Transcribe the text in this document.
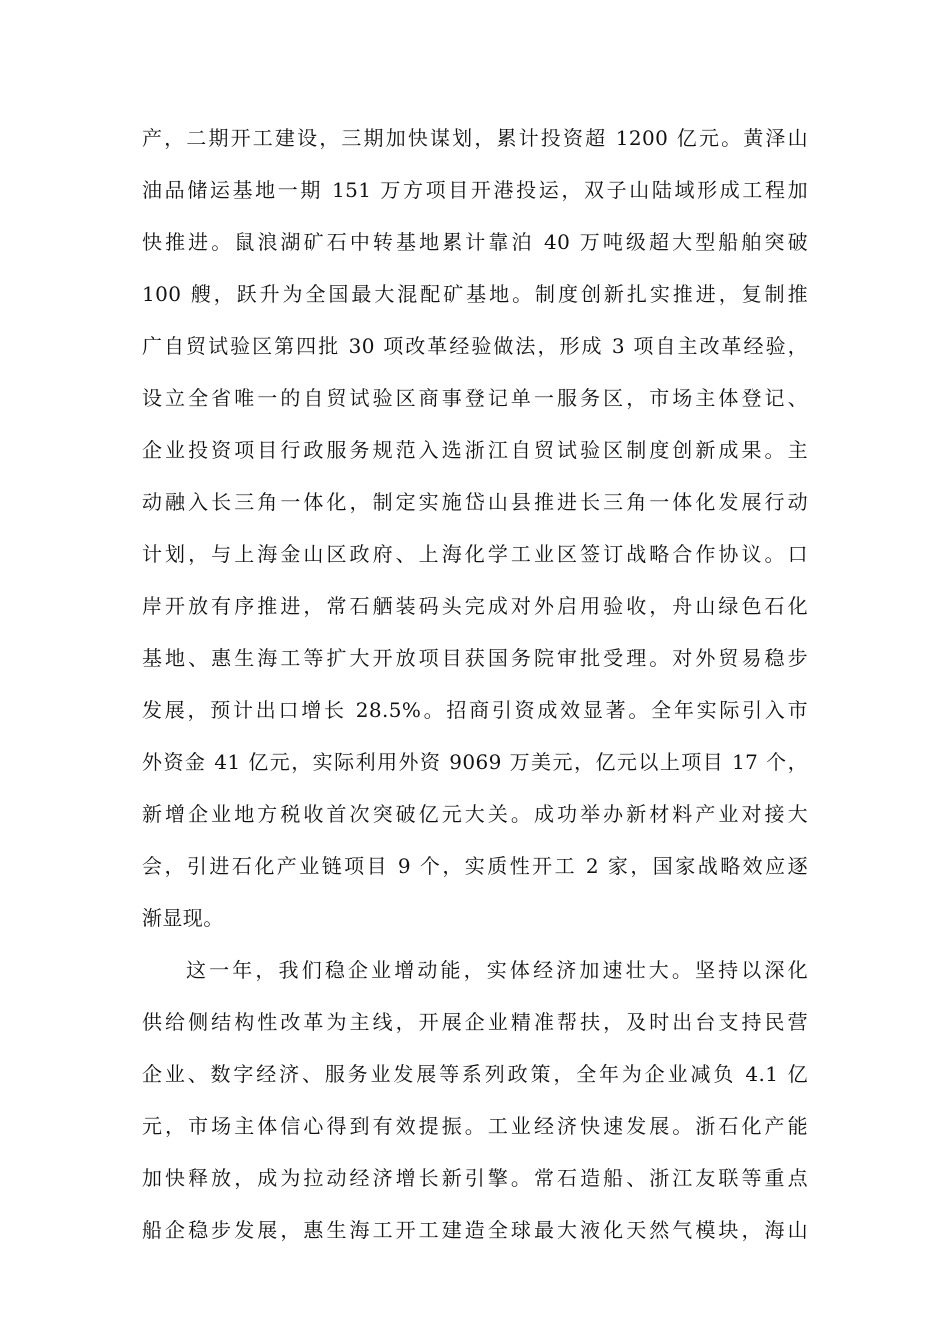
产，二期开工建设，三期加快谋划，累计投资超 1200 亿元。黄泽山
油品储运基地一期 151 万方项目开港投运，双子山陆域形成工程加
快推进。鼠浪湖矿石中转基地累计靠泊 40 万吨级超大型船舶突破
100 艘，跃升为全国最大混配矿基地。制度创新扎实推进，复制推
广自贸试验区第四批 30 项改革经验做法，形成 3 项自主改革经验，
设立全省唯一的自贸试验区商事登记单一服务区，市场主体登记、
企业投资项目行政服务规范入选浙江自贸试验区制度创新成果。主
动融入长三角一体化，制定实施岱山县推进长三角一体化发展行动
计划，与上海金山区政府、上海化学工业区签订战略合作协议。口
岸开放有序推进，常石舾装码头完成对外启用验收，舟山绿色石化
基地、惠生海工等扩大开放项目获国务院审批受理。对外贸易稳步
发展，预计出口增长 28.5%。招商引资成效显著。全年实际引入市
外资金 41 亿元，实际利用外资 9069 万美元，亿元以上项目 17 个，
新增企业地方税收首次突破亿元大关。成功举办新材料产业对接大
会，引进石化产业链项目 9 个，实质性开工 2 家，国家战略效应逐
渐显现。
这一年，我们稳企业增动能，实体经济加速壮大。坚持以深化
供给侧结构性改革为主线，开展企业精准帮扶，及时出台支持民营
企业、数字经济、服务业发展等系列政策，全年为企业减负 4.1 亿
元，市场主体信心得到有效提振。工业经济快速发展。浙石化产能
加快释放，成为拉动经济增长新引擎。常石造船、浙江友联等重点
船企稳步发展，惠生海工开工建造全球最大液化天然气模块，海山
